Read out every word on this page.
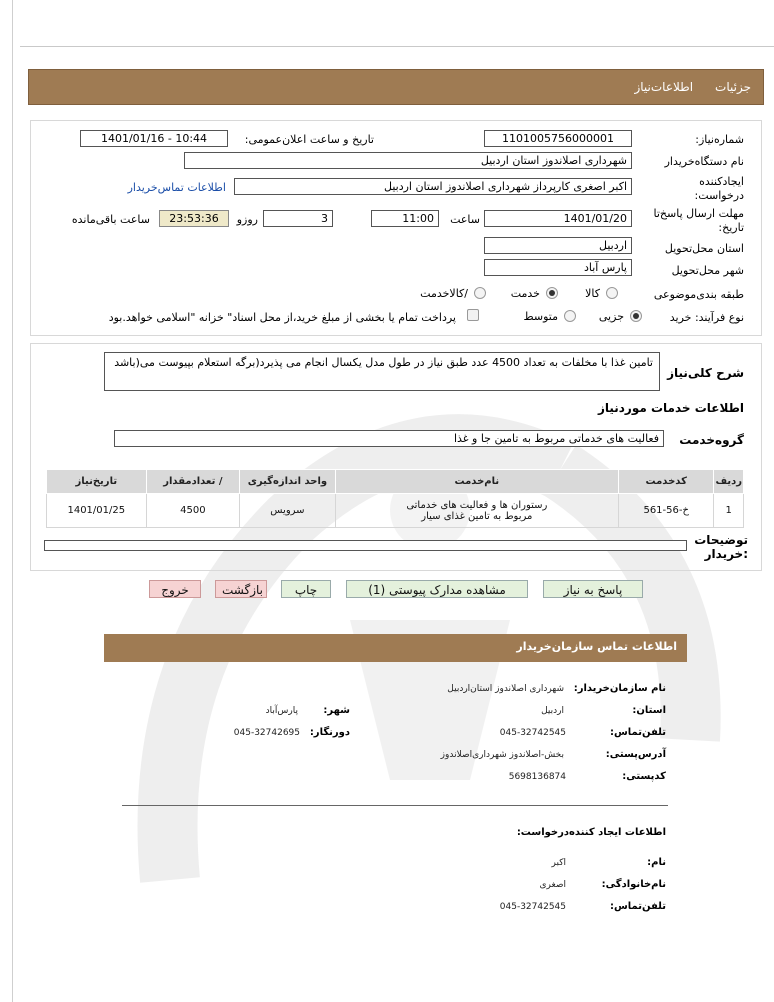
جزئیات
اطلاعات‌نیاز
شماره‌نیاز:
1101005756000001
تاریخ و ساعت اعلان‌عمومی:
1401/01/16 - 10:44
نام دستگاه‌خریدار
شهرداری اصلاندوز استان اردبیل
ایجادکننده
درخواست:
اکبر اصغری کارپرداز شهرداری اصلاندوز استان اردبیل
اطلاعات تماس‌خریدار
مهلت ارسال پاسخ‌تا
تاریخ:
1401/01/20
ساعت
11:00
3
روزو
23:53:36
ساعت باقی‌مانده
استان محل‌تحویل
اردبیل
شهر محل‌تحویل
پارس آباد
طبقه بندی‌موضوعی
کالا
خدمت
/کالاخدمت
نوع فرآیند: خرید
جزیی
متوسط
پرداخت تمام یا بخشی از مبلغ خرید،از محل اسناد" خزانه "اسلامی خواهد.بود
شرح کلی‌نیاز
تامین غذا با مخلفات به تعداد 4500 عدد طبق نیاز در طول مدل یکسال انجام می پذیرد(برگه استعلام بپیوست می(باشد
اطلاعات خدمات موردنیاز
گروه‌خدمت
فعالیت های خدماتی مربوط به تامین جا و غذا
ردیف	کدخدمت	نام‌خدمت	واحد اندازه‌گیری	/ تعدادمقدار	تاریخ‌نیاز
1	خ-56-561	رستوران ها و فعالیت های خدماتی
مربوط به تامین غذای سیار	سرویس	4500	1401/01/25
توضیحات
:خریدار
پاسخ به نیاز
مشاهده مدارک پیوستی (1)
چاپ
بازگشت
خروج
اطلاعات تماس سازمان‌خریدار
نام سازمان‌خریدار:
شهرداری اصلاندوز استان‌اردبیل
استان:
اردبیل
شهر:
پارس‌آباد
تلفن‌تماس:
045-32742545
دورنگار:
045-32742695
آدرس‌پستی:
بخش-اصلاندوز شهرداری‌اصلاندوز
کدپستی:
5698136874
اطلاعات ایجاد کننده‌درخواست:
نام:
اکبر
نام‌خانوادگی:
اصغری
تلفن‌تماس:
045-32742545
